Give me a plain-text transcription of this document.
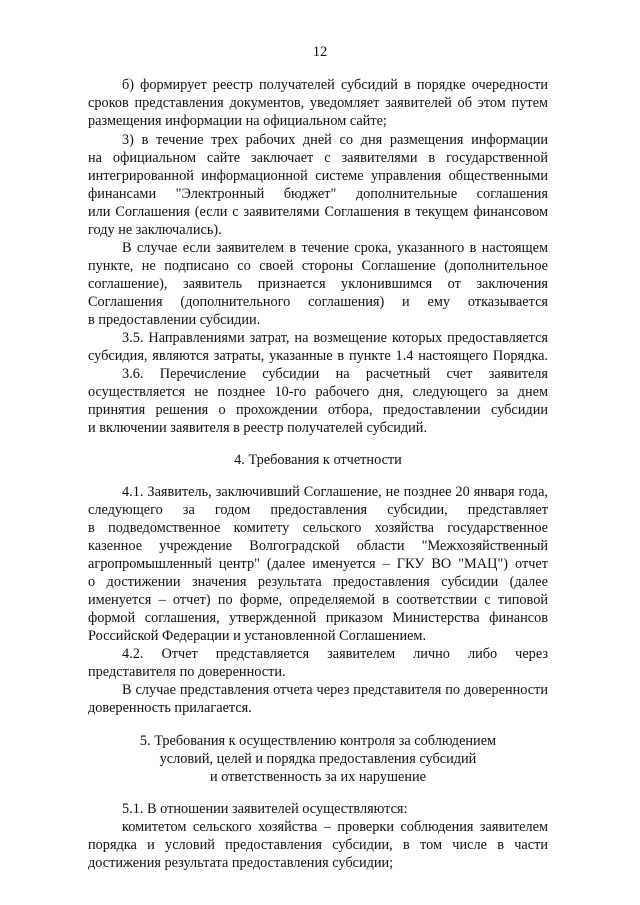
12
б) формирует реестр получателей субсидий в порядке очередности
сроков представления документов, уведомляет заявителей об этом путем
размещения информации на официальном сайте;
3) в течение трех рабочих дней со дня размещения информации
на официальном сайте заключает с заявителями в государственной
интегрированной информационной системе управления общественными
финансами "Электронный бюджет" дополнительные соглашения
или Соглашения (если с заявителями Соглашения в текущем финансовом
году не заключались).
В случае если заявителем в течение срока, указанного в настоящем
пункте, не подписано со своей стороны Соглашение (дополнительное
соглашение), заявитель признается уклонившимся от заключения
Соглашения (дополнительного соглашения) и ему отказывается
в предоставлении субсидии.
3.5. Направлениями затрат, на возмещение которых предоставляется
субсидия, являются затраты, указанные в пункте 1.4 настоящего Порядка.
3.6. Перечисление субсидии на расчетный счет заявителя
осуществляется не позднее 10-го рабочего дня, следующего за днем
принятия решения о прохождении отбора, предоставлении субсидии
и включении заявителя в реестр получателей субсидий.
4. Требования к отчетности
4.1. Заявитель, заключивший Соглашение, не позднее 20 января года,
следующего за годом предоставления субсидии, представляет
в подведомственное комитету сельского хозяйства государственное
казенное учреждение Волгоградской области "Межхозяйственный
агропромышленный центр" (далее именуется – ГКУ ВО "МАЦ") отчет
о достижении значения результата предоставления субсидии (далее
именуется – отчет) по форме, определяемой в соответствии с типовой
формой соглашения, утвержденной приказом Министерства финансов
Российской Федерации и установленной Соглашением.
4.2. Отчет представляется заявителем лично либо через
представителя по доверенности.
В случае представления отчета через представителя по доверенности
доверенность прилагается.
5. Требования к осуществлению контроля за соблюдением
условий, целей и порядка предоставления субсидий
и ответственность за их нарушение
5.1. В отношении заявителей осуществляются:
комитетом сельского хозяйства – проверки соблюдения заявителем
порядка и условий предоставления субсидии, в том числе в части
достижения результата предоставления субсидии;
